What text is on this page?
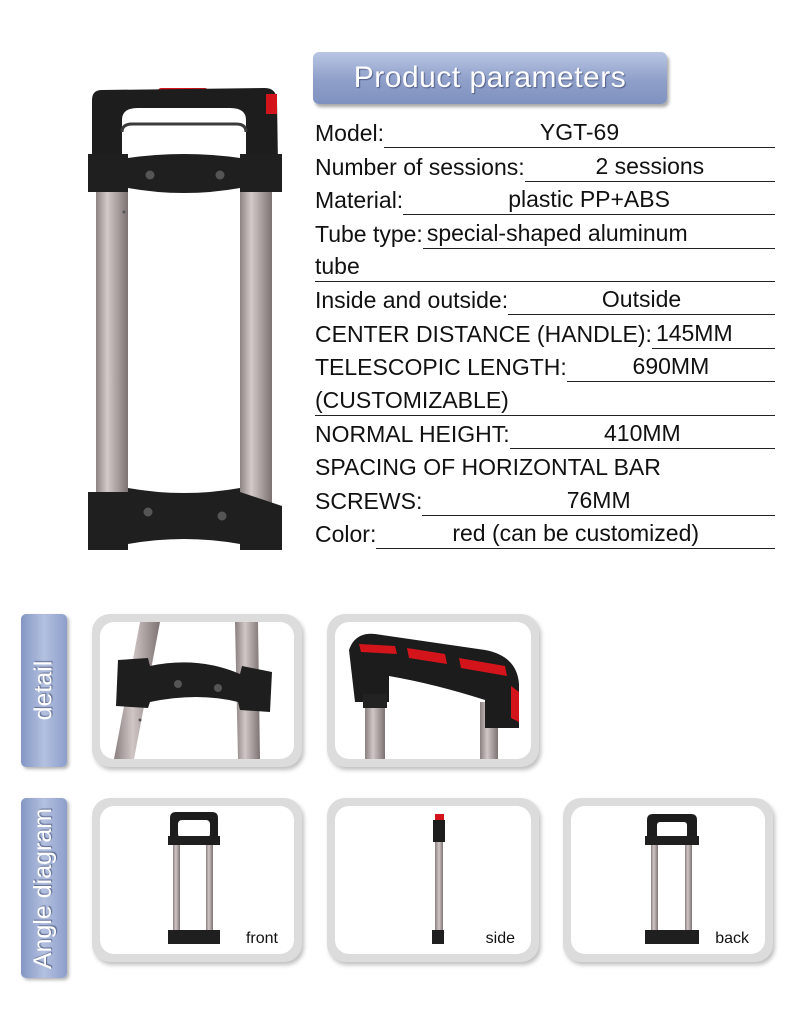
Product parameters
Model:	YGT-69
Number of sessions:	2 sessions
Material:	plastic PP+ABS
Tube type: special-shaped aluminum
tube
Inside and outside:	Outside
CENTER DISTANCE (HANDLE): 145MM
TELESCOPIC LENGTH:	690MM
(CUSTOMIZABLE)
NORMAL HEIGHT:	410MM
SPACING OF HORIZONTAL BAR
SCREWS:	76MM
Color:	red (can be customized)
detail
Angle diagram	front	side	back
